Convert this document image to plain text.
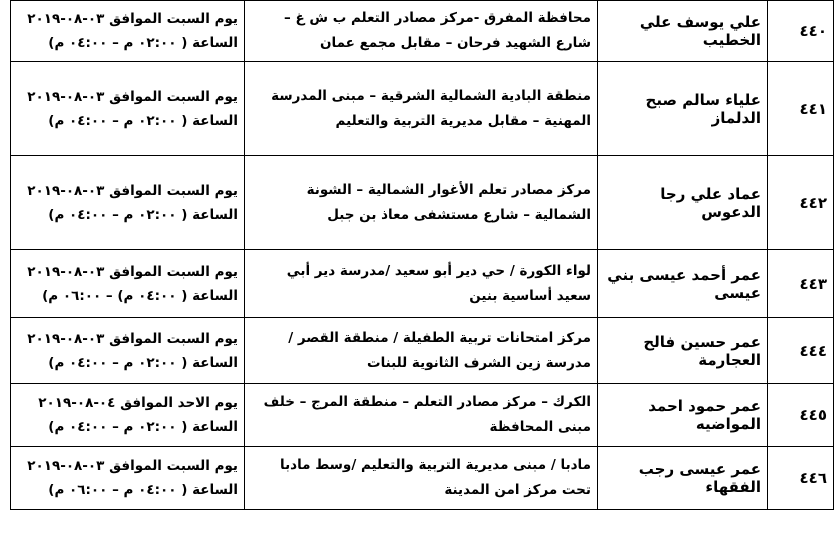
٤٤٠	علي يوسف علي الخطيب	محافظة المفرق -مركز مصادر التعلم ب ش غ – شارع الشهيد فرحان – مقابل مجمع عمان	يوم السبت الموافق ٠٣-٠٨-٢٠١٩
الساعة ( ٠٢:٠٠ م – ٠٤:٠٠ م)

٤٤١	علياء سالم صبح الدلماز	منطقة البادية الشمالية الشرقية – مبنى المدرسة المهنية – مقابل مديرية التربية والتعليم	يوم السبت الموافق ٠٣-٠٨-٢٠١٩
الساعة ( ٠٢:٠٠ م – ٠٤:٠٠ م)

٤٤٢	عماد علي رجا الدعوس	مركز مصادر تعلم الأغوار الشمالية – الشونة الشمالية – شارع مستشفى معاذ بن جبل	يوم السبت الموافق ٠٣-٠٨-٢٠١٩
الساعة ( ٠٢:٠٠ م – ٠٤:٠٠ م)

٤٤٣	عمر أحمد عيسى بني عيسى	لواء الكورة / حي دير أبو سعيد /مدرسة دير أبي سعيد أساسية بنين	يوم السبت الموافق ٠٣-٠٨-٢٠١٩
الساعة ( ٠٤:٠٠ م) – ٠٦:٠٠ م)

٤٤٤	عمر حسين فالح العجارمة	مركز امتحانات تربية الطفيلة / منطقة القصر / مدرسة زين الشرف الثانوية للبنات	يوم السبت الموافق ٠٣-٠٨-٢٠١٩
الساعة ( ٠٢:٠٠ م – ٠٤:٠٠ م)

٤٤٥	عمر حمود احمد المواضيه	الكرك – مركز مصادر التعلم – منطقة المرج – خلف مبنى المحافظة	يوم الاحد الموافق ٠٤-٠٨-٢٠١٩
الساعة ( ٠٢:٠٠ م – ٠٤:٠٠ م)

٤٤٦	عمر عيسى رجب الفقهاء	مادبا / مبنى مديرية التربية والتعليم /وسط مادبا تحت مركز امن المدينة	يوم السبت الموافق ٠٣-٠٨-٢٠١٩
الساعة ( ٠٤:٠٠ م – ٠٦:٠٠ م)
